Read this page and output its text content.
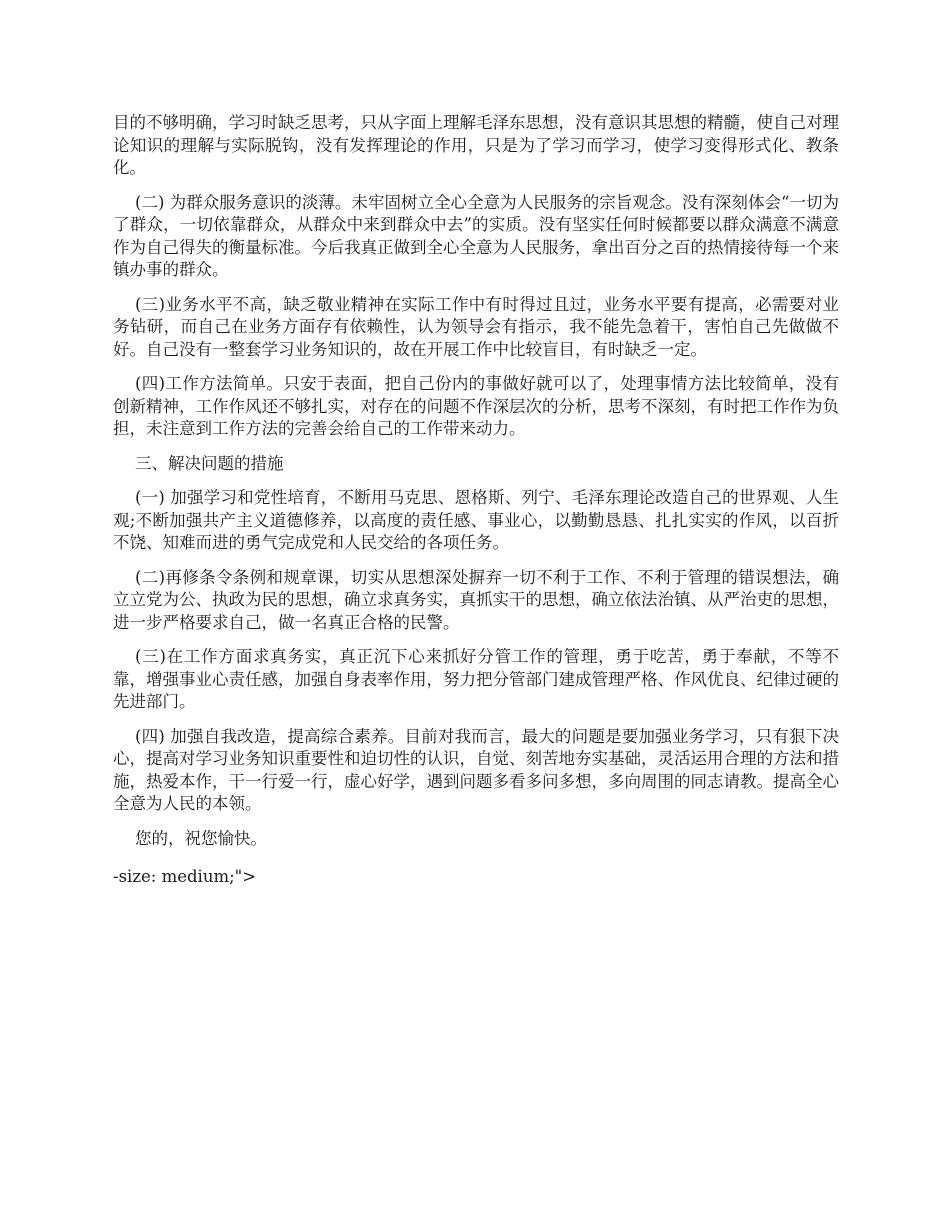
目的不够明确，学习时缺乏思考，只从字面上理解毛泽东思想，没有意识其思想的精髓，使自己对理论知识的理解与实际脱钩，没有发挥理论的作用，只是为了学习而学习，使学习变得形式化、教条化。

(二) 为群众服务意识的淡薄。未牢固树立全心全意为人民服务的宗旨观念。没有深刻体会“一切为了群众，一切依靠群众，从群众中来到群众中去”的实质。没有坚实任何时候都要以群众满意不满意作为自己得失的衡量标准。今后我真正做到全心全意为人民服务，拿出百分之百的热情接待每一个来镇办事的群众。

(三)业务水平不高，缺乏敬业精神在实际工作中有时得过且过，业务水平要有提高，必需要对业务钻研，而自己在业务方面存有依赖性，认为领导会有指示，我不能先急着干，害怕自己先做做不好。自己没有一整套学习业务知识的，故在开展工作中比较盲目，有时缺乏一定。

(四)工作方法简单。只安于表面，把自己份内的事做好就可以了，处理事情方法比较简单，没有创新精神，工作作风还不够扎实，对存在的问题不作深层次的分析，思考不深刻，有时把工作作为负担，未注意到工作方法的完善会给自己的工作带来动力。

三、解决问题的措施

(一) 加强学习和党性培育，不断用马克思、恩格斯、列宁、毛泽东理论改造自己的世界观、人生观;不断加强共产主义道德修养，以高度的责任感、事业心，以勤勤恳恳、扎扎实实的作风，以百折不饶、知难而进的勇气完成党和人民交给的各项任务。

(二)再修条令条例和规章课，切实从思想深处摒弃一切不利于工作、不利于管理的错误想法，确立立党为公、执政为民的思想，确立求真务实，真抓实干的思想，确立依法治镇、从严治吏的思想，进一步严格要求自己，做一名真正合格的民警。

(三)在工作方面求真务实，真正沉下心来抓好分管工作的管理，勇于吃苦，勇于奉献，不等不靠，增强事业心责任感，加强自身表率作用，努力把分管部门建成管理严格、作风优良、纪律过硬的先进部门。

(四) 加强自我改造，提高综合素养。目前对我而言，最大的问题是要加强业务学习，只有狠下决心，提高对学习业务知识重要性和迫切性的认识，自觉、刻苦地夯实基础，灵活运用合理的方法和措施，热爱本作，干一行爱一行，虚心好学，遇到问题多看多问多想，多向周围的同志请教。提高全心全意为人民的本领。

您的，祝您愉快。

-size: medium;">
